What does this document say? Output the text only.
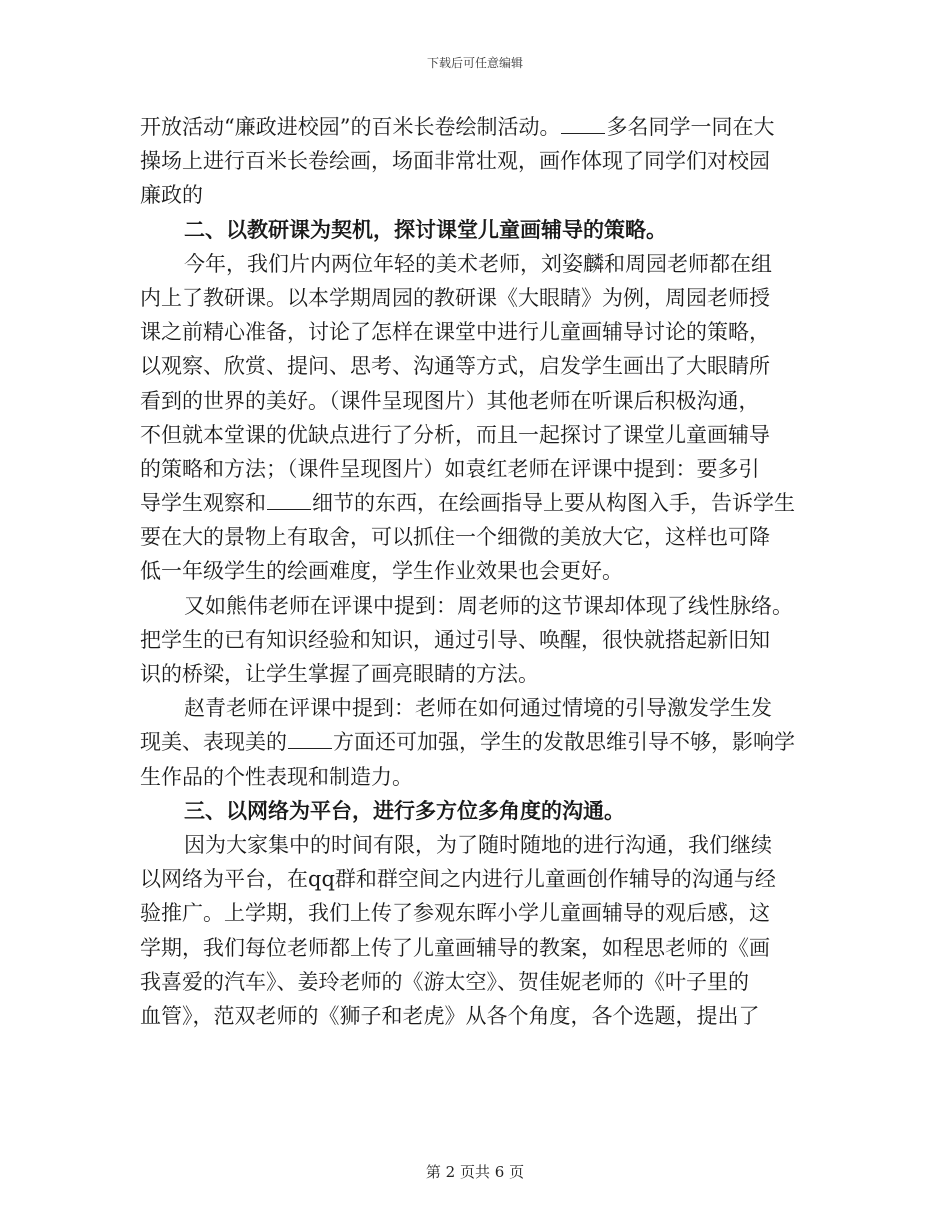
下载后可任意编辑
开放活动“廉政进校园”的百米长卷绘制活动。 多名同学一同在大
操场上进行百米长卷绘画，场面非常壮观，画作体现了同学们对校园
廉政的
二、以教研课为契机，探讨课堂儿童画辅导的策略。
今年，我们片内两位年轻的美术老师，刘姿麟和周园老师都在组
内上了教研课。以本学期周园的教研课《大眼睛》为例，周园老师授
课之前精心准备，讨论了怎样在课堂中进行儿童画辅导讨论的策略，
以观察、欣赏、提问、思考、沟通等方式，启发学生画出了大眼睛所
看到的世界的美好。（课件呈现图片）其他老师在听课后积极沟通，
不但就本堂课的优缺点进行了分析，而且一起探讨了课堂儿童画辅导
的策略和方法；（课件呈现图片）如袁红老师在评课中提到：要多引
导学生观察和 细节的东西，在绘画指导上要从构图入手，告诉学生
要在大的景物上有取舍，可以抓住一个细微的美放大它，这样也可降
低一年级学生的绘画难度，学生作业效果也会更好。
又如熊伟老师在评课中提到：周老师的这节课却体现了线性脉络。
把学生的已有知识经验和知识，通过引导、唤醒，很快就搭起新旧知
识的桥梁，让学生掌握了画亮眼睛的方法。
赵青老师在评课中提到：老师在如何通过情境的引导激发学生发
现美、表现美的 方面还可加强，学生的发散思维引导不够，影响学
生作品的个性表现和制造力。
三、以网络为平台，进行多方位多角度的沟通。
因为大家集中的时间有限，为了随时随地的进行沟通，我们继续
以网络为平台，在qq群和群空间之内进行儿童画创作辅导的沟通与经
验推广。上学期，我们上传了参观东晖小学儿童画辅导的观后感，这
学期，我们每位老师都上传了儿童画辅导的教案，如程思老师的《画
我喜爱的汽车》、姜玲老师的《游太空》、贺佳妮老师的《叶子里的
血管》，范双老师的《狮子和老虎》从各个角度，各个选题，提出了
第 2 页共 6 页
